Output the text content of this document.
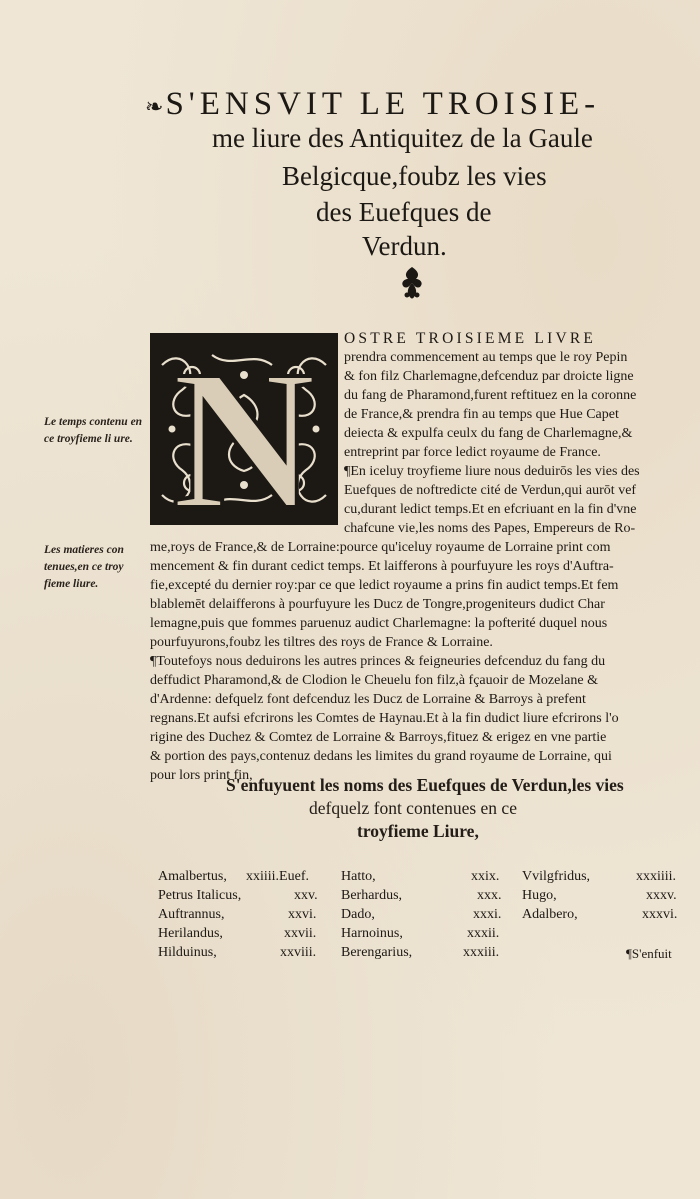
❧S'ENSVIT LE TROISIE-
me liure des Antiquitez de la Gaule
Belgicque,foubz les vies
des Euefques de
Verdun.
Le temps contenu en ce troyfieme li ure.
Les matieres con tenues,en ce troy fieme liure.
N OSTRE TROISIEME LIVRE
prendra commencement au temps que le roy Pepin
& fon filz Charlemagne,defcenduz par droicte ligne
du fang de Pharamond,furent reftituez en la coronne
de France,& prendra fin au temps que Hue Capet
deiecta & expulfa ceulx du fang de Charlemagne,&
entreprint par force ledict royaume de France.
¶En iceluy troyfieme liure nous deduirōs les vies des
Euefques de noftredicte cité de Verdun,qui aurōt vef
cu,durant ledict temps.Et en efcriuant en la fin d'vne
chafcune vie,les noms des Papes, Empereurs de Ro-
me,roys de France,& de Lorraine:pource qu'iceluy royaume de Lorraine print com
mencement & fin durant cedict temps. Et laifferons à pourfuyure les roys d'Auftra-
fie,excepté du dernier roy:par ce que ledict royaume a prins fin audict temps.Et fem
blablemēt delaifferons à pourfuyure les Ducz de Tongre,progeniteurs dudict Char
lemagne,puis que fommes paruenuz audict Charlemagne: la pofterité duquel nous
pourfuyurons,foubz les tiltres des roys de France & Lorraine.
¶Toutefoys nous deduirons les autres princes & feigneuries defcenduz du fang du
deffudict Pharamond,& de Clodion le Cheuelu fon filz,à fçauoir de Mozelane &
d'Ardenne: defquelz font defcenduz les Ducz de Lorraine & Barroys à prefent
regnans.Et aufsi efcrirons les Comtes de Haynau.Et à la fin dudict liure efcrirons l'o
rigine des Duchez & Comtez de Lorraine & Barroys,fituez & erigez en vne partie
& portion des pays,contenuz dedans les limites du grand royaume de Lorraine, qui
pour lors print fin,
S'enfuyuent les noms des Euefques de Verdun,les vies
defquelz font contenues en ce
troyfieme Liure,
Amalbertus, xxiiii.Euef.
Petrus Italicus,	xxv.
Auftrannus,	xxvi.
Herilandus,	xxvii.
Hilduinus,	xxviii.
Hatto,	xxix.
Berhardus,	xxx.
Dado,	xxxi.
Harnoinus,	xxxii.
Berengarius,	xxxiii.
Vvilgfridus,	xxxiiii.
Hugo,	xxxv.
Adalbero,	xxxvi.
¶S'enfuit
